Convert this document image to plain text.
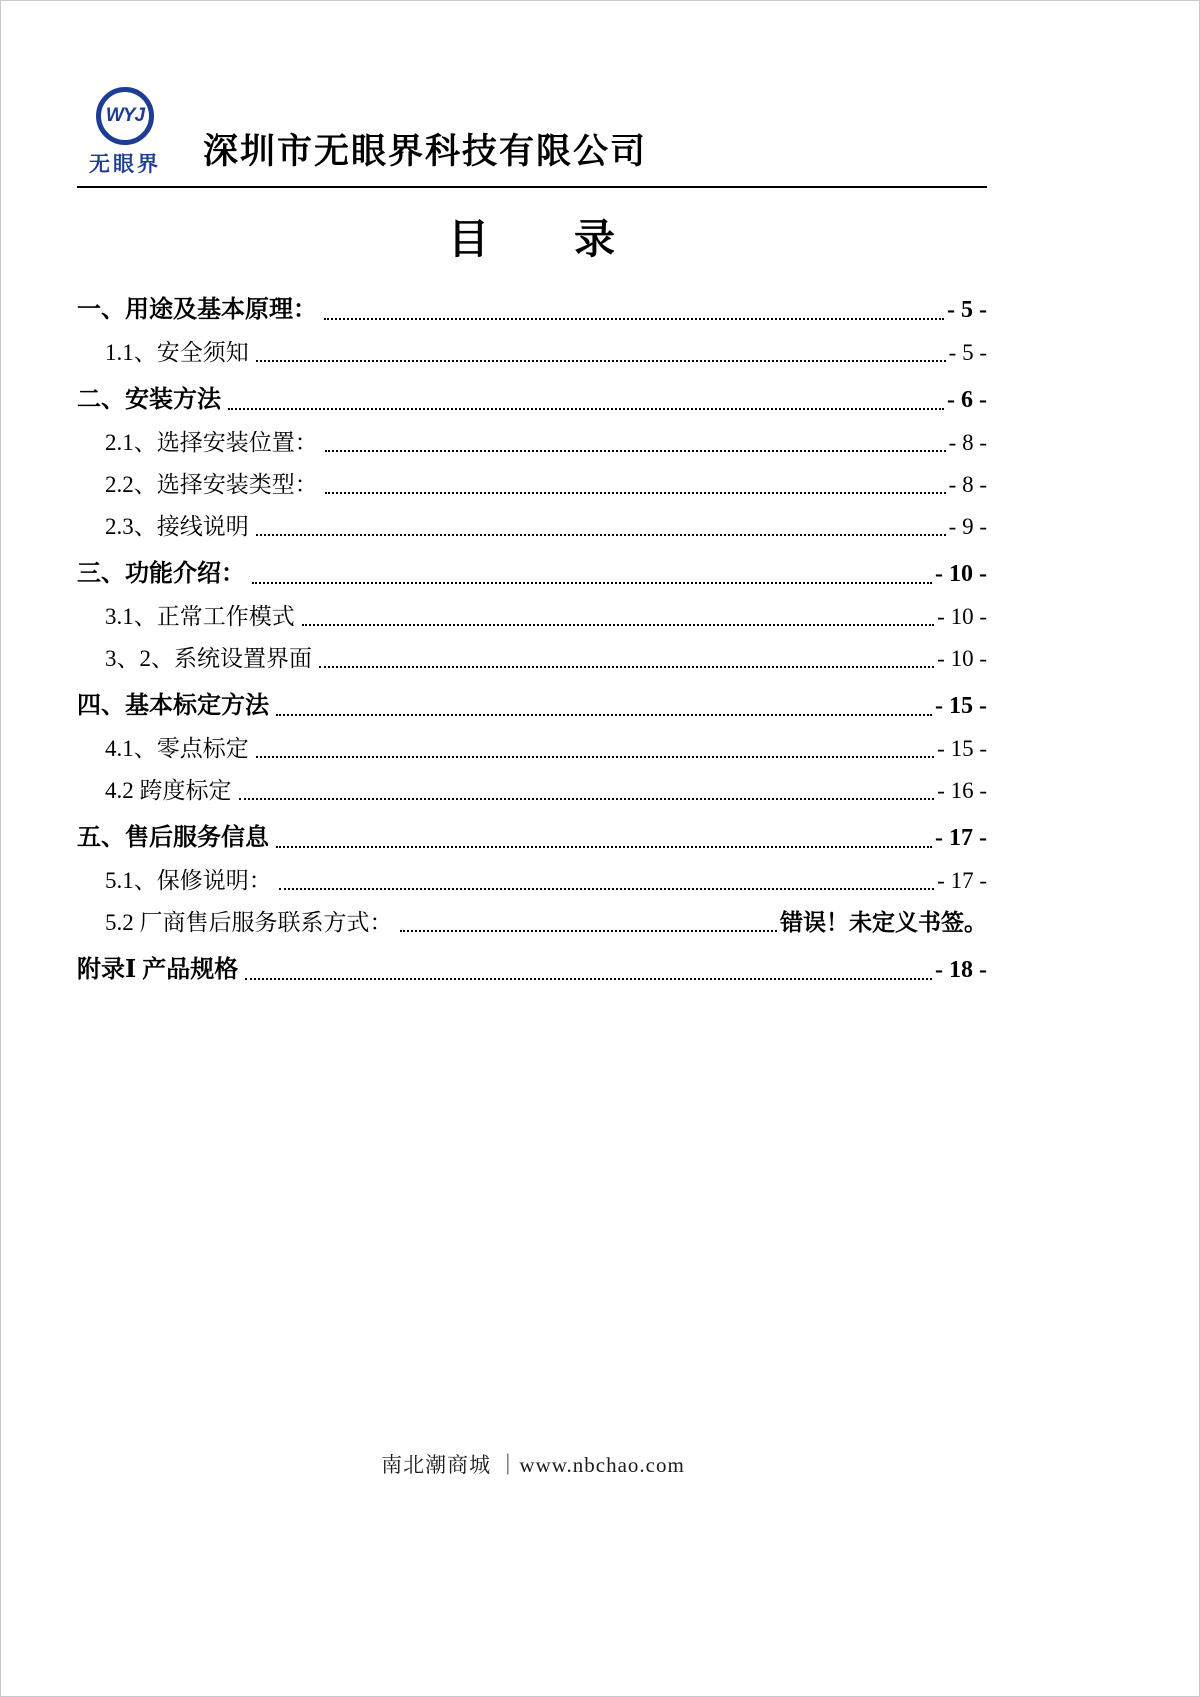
WYJ
无眼界	深圳市无眼界科技有限公司
目　　录
一、用途及基本原理：	- 5 -
1.1、安全须知	- 5 -
二、安装方法	- 6 -
2.1、选择安装位置：	- 8 -
2.2、选择安装类型：	- 8 -
2.3、接线说明	- 9 -
三、功能介绍：	- 10 -
3.1、正常工作模式	- 10 -
3、2、系统设置界面	- 10 -
四、基本标定方法	- 15 -
4.1、零点标定	- 15 -
4.2 跨度标定	- 16 -
五、售后服务信息	- 17 -
5.1、保修说明：	- 17 -
5.2 厂商售后服务联系方式：	错误！未定义书签。
附录Ⅰ 产品规格	- 18 -
南北潮商城 ｜www.nbchao.com
